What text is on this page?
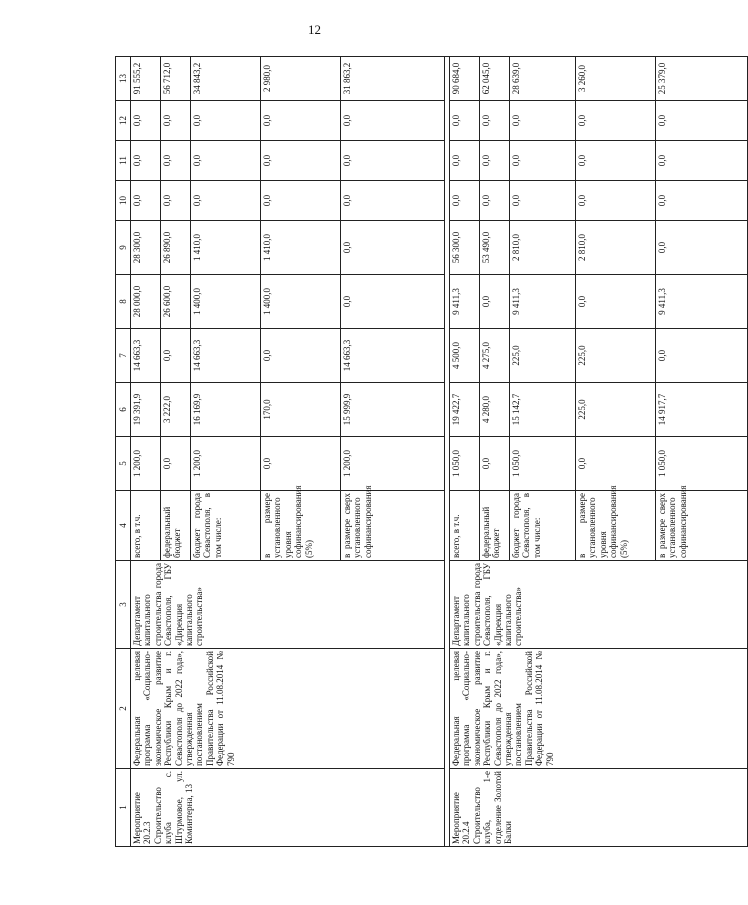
12
1	2	3	4	5	6	7	8	9	10	11	12	13
Мероприятие 20.2.3 Строительство клуба с. Штурмовое, ул. Коминтерна, 13	Федеральная целевая программа «Социально-экономическое развитие Республики Крым и г. Севастополя до 2022 года», утвержденная постановлением Правительства Российской Федерации от 11.08.2014 № 790	Департамент капитального строительства города Севастополя, ГБУ «Дирекция капитального строительства»	всего, в т.ч.	1 200,0	19 391,9	14 663,3	28 000,0	28 300,0	0,0	0,0	0,0	91 555,2
			федеральный бюджет	0,0	3 222,0	0,0	26 600,0	26 890,0	0,0	0,0	0,0	56 712,0
			бюджет города Севастополя, в том числе:	1 200,0	16 169,9	14 663,3	1 400,0	1 410,0	0,0	0,0	0,0	34 843,2
			в размере установленного уровня софинансирования (5%)	0,0	170,0	0,0	1 400,0	1 410,0	0,0	0,0	0,0	2 980,0
			в размере сверх установленного софинансирования	1 200,0	15 999,9	14 663,3	0,0	0,0	0,0	0,0	0,0	31 863,2

Мероприятие 20.2.4 Строительство клуба, 1-е отделение Золотой Балки	Федеральная целевая программа «Социально-экономическое развитие Республики Крым и г. Севастополя до 2022 года», утвержденная постановлением Правительства Российской Федерации от 11.08.2014 № 790	Департамент капитального строительства города Севастополя, ГБУ «Дирекция капитального строительства»	всего, в т.ч.	1 050,0	19 422,7	4 500,0	9 411,3	56 300,0	0,0	0,0	0,0	90 684,0
			федеральный бюджет	0,0	4 280,0	4 275,0	0,0	53 490,0	0,0	0,0	0,0	62 045,0
			бюджет города Севастополя, в том числе:	1 050,0	15 142,7	225,0	9 411,3	2 810,0	0,0	0,0	0,0	28 639,0
			в размере установленного уровня софинансирования (5%)	0,0	225,0	225,0	0,0	2 810,0	0,0	0,0	0,0	3 260,0
			в размере сверх установленного софинансирования	1 050,0	14 917,7	0,0	9 411,3	0,0	0,0	0,0	0,0	25 379,0
